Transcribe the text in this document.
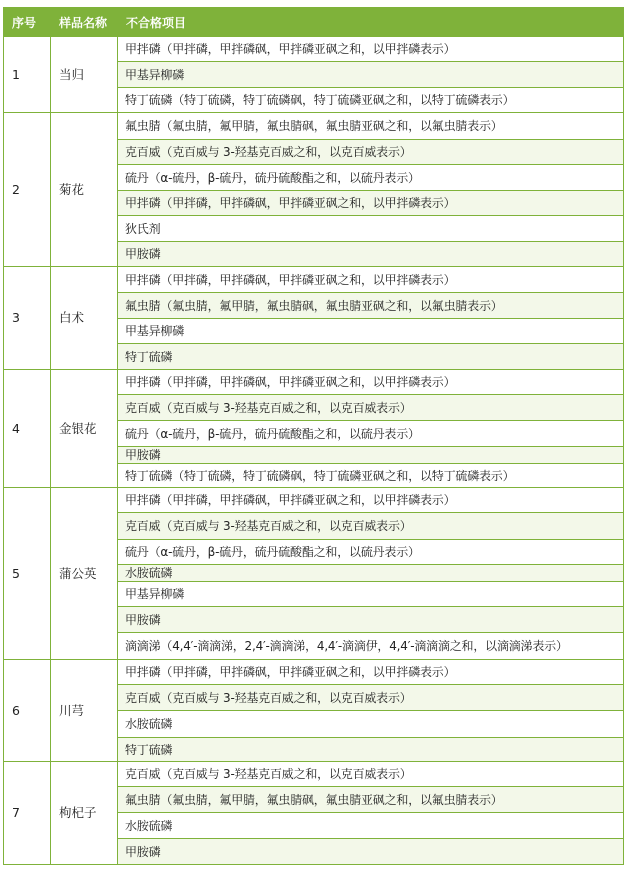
序号	样品名称	不合格项目
1	当归	甲拌磷（甲拌磷，甲拌磷砜，甲拌磷亚砜之和，以甲拌磷表示）
		甲基异柳磷
		特丁硫磷（特丁硫磷，特丁硫磷砜，特丁硫磷亚砜之和，以特丁硫磷表示）
2	菊花	氟虫腈（氟虫腈，氟甲腈，氟虫腈砜，氟虫腈亚砜之和，以氟虫腈表示）
		克百威（克百威与 3-羟基克百威之和，以克百威表示）
		硫丹（α-硫丹，β-硫丹，硫丹硫酸酯之和，以硫丹表示）
		甲拌磷（甲拌磷，甲拌磷砜，甲拌磷亚砜之和，以甲拌磷表示）
		狄氏剂
		甲胺磷
3	白术	甲拌磷（甲拌磷，甲拌磷砜，甲拌磷亚砜之和，以甲拌磷表示）
		氟虫腈（氟虫腈，氟甲腈，氟虫腈砜，氟虫腈亚砜之和，以氟虫腈表示）
		甲基异柳磷
		特丁硫磷
4	金银花	甲拌磷（甲拌磷，甲拌磷砜，甲拌磷亚砜之和，以甲拌磷表示）
		克百威（克百威与 3-羟基克百威之和，以克百威表示）
		硫丹（α-硫丹，β-硫丹，硫丹硫酸酯之和，以硫丹表示）
		甲胺磷
		特丁硫磷（特丁硫磷，特丁硫磷砜，特丁硫磷亚砜之和，以特丁硫磷表示）
5	蒲公英	甲拌磷（甲拌磷，甲拌磷砜，甲拌磷亚砜之和，以甲拌磷表示）
		克百威（克百威与 3-羟基克百威之和，以克百威表示）
		硫丹（α-硫丹，β-硫丹，硫丹硫酸酯之和，以硫丹表示）
		水胺硫磷
		甲基异柳磷
		甲胺磷
		滴滴涕（4,4′-滴滴涕，2,4′-滴滴涕，4,4′-滴滴伊，4,4′-滴滴滴之和，以滴滴涕表示）
6	川芎	甲拌磷（甲拌磷，甲拌磷砜，甲拌磷亚砜之和，以甲拌磷表示）
		克百威（克百威与 3-羟基克百威之和，以克百威表示）
		水胺硫磷
		特丁硫磷
7	枸杞子	克百威（克百威与 3-羟基克百威之和，以克百威表示）
		氟虫腈（氟虫腈，氟甲腈，氟虫腈砜，氟虫腈亚砜之和，以氟虫腈表示）
		水胺硫磷
		甲胺磷
